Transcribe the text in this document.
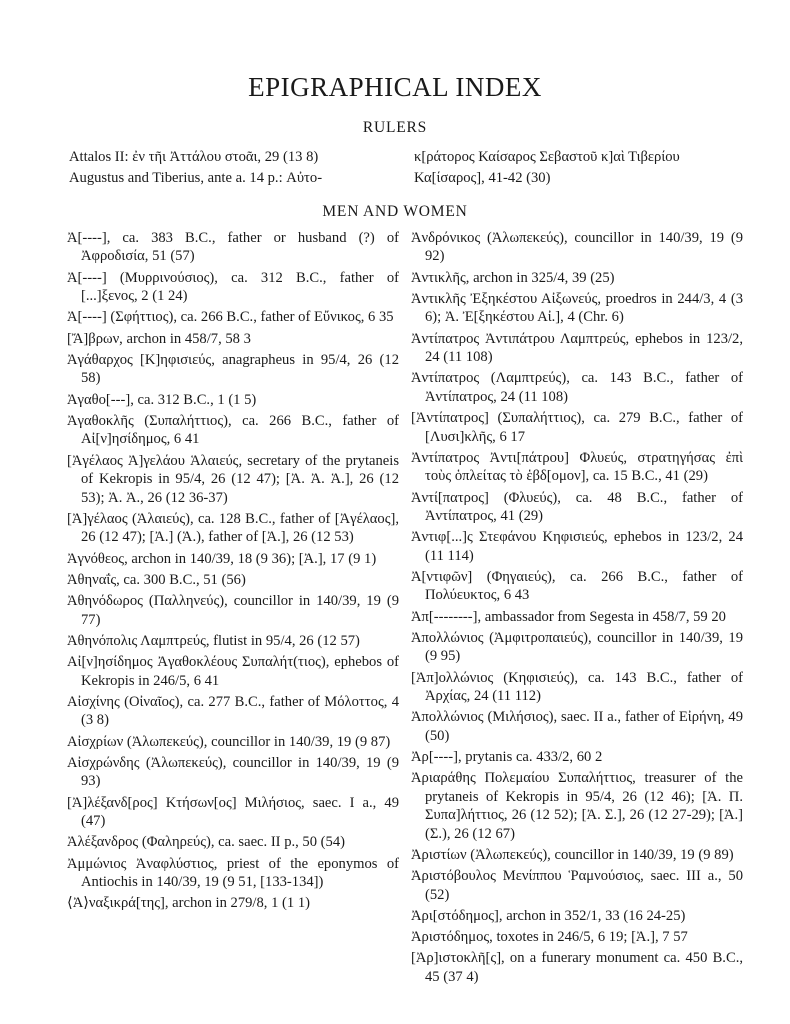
EPIGRAPHICAL INDEX
RULERS
Attalos II: ἐν τῆι Ἀττάλου στοᾶι, 29 (13 8)
Augustus and Tiberius, ante a. 14 p.: Αὐτο-
κ[ράτορος Καίσαρος Σεβαστοῦ κ]αὶ Τιβερίου
Κα[ίσαρος], 41-42 (30)
MEN AND WOMEN
Ἀ[----], ca. 383 B.C., father or husband (?) of Ἀφροδισία, 51 (57)
Ἀ[----] (Μυρρινούσιος), ca. 312 B.C., father of [...]ξενος, 2 (1 24)
Ἀ[----] (Σφήττιος), ca. 266 B.C., father of Εὔνικος, 6 35
[Ἄ]βρων, archon in 458/7, 58 3
Ἀγάθαρχος [Κ]ηφισιεύς, anagrapheus in 95/4, 26 (12 58)
Ἀγαθο[---], ca. 312 B.C., 1 (1 5)
Ἀγαθοκλῆς (Συπαλήττιος), ca. 266 B.C., father of Αἰ[ν]ησίδημος, 6 41
[Ἀγέλαος Ἀ]γελάου Ἁλαιεύς, secretary of the prytaneis of Kekropis in 95/4, 26 (12 47); [Ἀ. Ἀ. Ἁ.], 26 (12 53); Ἀ. Ἀ., 26 (12 36-37)
[Ἀ]γέλαος (Ἁλαιεύς), ca. 128 B.C., father of [Ἀγέλαος], 26 (12 47); [Ἀ.] (Ἁ.), father of [Ἀ.], 26 (12 53)
Ἀγνόθεος, archon in 140/39, 18 (9 36); [Ἀ.], 17 (9 1)
Ἀθηναΐς, ca. 300 B.C., 51 (56)
Ἀθηνόδωρος (Παλληνεύς), councillor in 140/39, 19 (9 77)
Ἀθηνόπολις Λαμπτρεύς, flutist in 95/4, 26 (12 57)
Αἰ[ν]ησίδημος Ἀγαθοκλέους Συπαλήτ(τιος), ephebos of Kekropis in 246/5, 6 41
Αἰσχίνης (Οἰναῖος), ca. 277 B.C., father of Μόλοττος, 4 (3 8)
Αἰσχρίων (Ἀλωπεκεύς), councillor in 140/39, 19 (9 87)
Αἰσχρώνδης (Ἀλωπεκεύς), councillor in 140/39, 19 (9 93)
[Ἀ]λέξανδ[ρος] Κτήσων[ος] Μιλήσιος, saec. I a., 49 (47)
Ἀλέξανδρος (Φαληρεύς), ca. saec. II p., 50 (54)
Ἀμμώνιος Ἀναφλύστιος, priest of the eponymos of Antiochis in 140/39, 19 (9 51, [133-134])
⟨Ἀ⟩ναξικρά[της], archon in 279/8, 1 (1 1)
Ἀνδρόνικος (Ἀλωπεκεύς), councillor in 140/39, 19 (9 92)
Ἀντικλῆς, archon in 325/4, 39 (25)
Ἀντικλῆς Ἐξηκέστου Αἰξωνεύς, proedros in 244/3, 4 (3 6); Ἀ. Ἐ[ξηκέστου Αἰ.], 4 (Chr. 6)
Ἀντίπατρος Ἀντιπάτρου Λαμπτρεύς, ephebos in 123/2, 24 (11 108)
Ἀντίπατρος (Λαμπτρεύς), ca. 143 B.C., father of Ἀντίπατρος, 24 (11 108)
[Ἀντίπατρος] (Συπαλήττιος), ca. 279 B.C., father of [Λυσι]κλῆς, 6 17
Ἀντίπατρος Ἀντι[πάτρου] Φλυεύς, στρατηγήσας ἐπὶ τοὺς ὁπλείτας τὸ ἑβδ[ομον], ca. 15 B.C., 41 (29)
Ἀντί[πατρος] (Φλυεύς), ca. 48 B.C., father of Ἀντίπατρος, 41 (29)
Ἀντιφ[...]ς Στεφάνου Κηφισιεύς, ephebos in 123/2, 24 (11 114)
Ἀ[ντιφῶν] (Φηγαιεύς), ca. 266 B.C., father of Πολύευκτος, 6 43
Ἀπ[--------], ambassador from Segesta in 458/7, 59 20
Ἀπολλώνιος (Ἀμφιτροπαιεύς), councillor in 140/39, 19 (9 95)
[Ἀπ]ολλώνιος (Κηφισιεύς), ca. 143 B.C., father of Ἀρχίας, 24 (11 112)
Ἀπολλώνιος (Μιλήσιος), saec. II a., father of Εἰρήνη, 49 (50)
Ἀρ[----], prytanis ca. 433/2, 60 2
Ἀριαράθης Πολεμαίου Συπαλήττιος, treasurer of the prytaneis of Kekropis in 95/4, 26 (12 46); [Ἀ. Π. Συπα]λήττιος, 26 (12 52); [Ἀ. Σ.], 26 (12 27-29); [Ἀ.] (Σ.), 26 (12 67)
Ἀριστίων (Ἀλωπεκεύς), councillor in 140/39, 19 (9 89)
Ἀριστόβουλος Μενίππου Ῥαμνούσιος, saec. III a., 50 (52)
Ἀρι[στόδημος], archon in 352/1, 33 (16 24-25)
Ἀριστόδημος, toxotes in 246/5, 6 19; [Ἀ.], 7 57
[Ἀρ]ιστοκλῆ[ς], on a funerary monument ca. 450 B.C., 45 (37 4)
